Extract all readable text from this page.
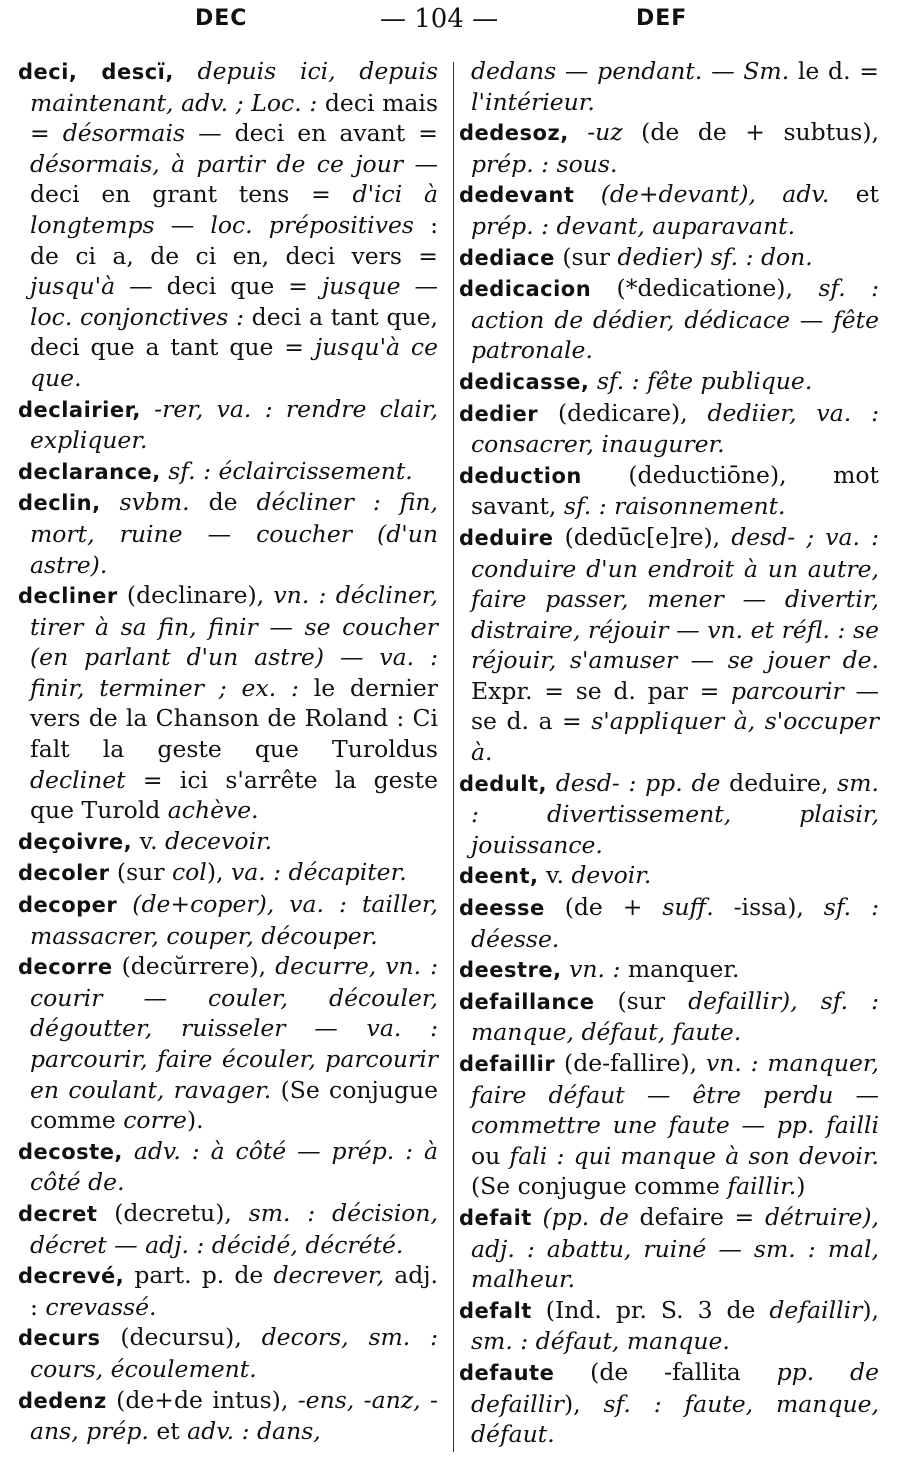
DEC	— 104 —	DEF

deci, descï, depuis ici, depuis maintenant, adv. ; Loc. : deci mais = désormais — deci en avant = désormais, à partir de ce jour — deci en grant tens = d'ici à longtemps — loc. prépositives : de ci a, de ci en, deci vers = jusqu'à — deci que = jusque — loc. conjonctives : deci a tant que, deci que a tant que = jusqu'à ce que.

declairier, -rer, va. : rendre clair, expliquer.

declarance, sf. : éclaircissement.

declin, svbm. de décliner : fin, mort, ruine — coucher (d'un astre).

decliner (declinare), vn. : décliner, tirer à sa fin, finir — se coucher (en parlant d'un astre) — va. : finir, terminer ; ex. : le dernier vers de la Chanson de Roland : Ci falt la geste que Turoldus declinet = ici s'arrête la geste que Turold achève.

deçoivre, v. decevoir.

decoler (sur col), va. : décapiter.

decoper (de+coper), va. : tailler, massacrer, couper, découper.

decorre (decŭrrere), decurre, vn. : courir — couler, découler, dégoutter, ruisseler — va. : parcourir, faire écouler, parcourir en coulant, ravager. (Se conjugue comme corre).

decoste, adv. : à côté — prép. : à côté de.

decret (decretu), sm. : décision, décret — adj. : décidé, décrété.

decrevé, part. p. de decrever, adj. : crevassé.

decurs (decursu), decors, sm. : cours, écoulement.

dedenz (de+de intus), -ens, -anz, -ans, prép. et adv. : dans,

dedans — pendant. — Sm. le d. = l'intérieur.

dedesoz, -uz (de de + subtus), prép. : sous.

dedevant (de+devant), adv. et prép. : devant, auparavant.

dediace (sur dedier) sf. : don.

dedicacion (*dedicatione), sf. : action de dédier, dédicace — fête patronale.

dedicasse, sf. : fête publique.

dedier (dedicare), dediier, va. : consacrer, inaugurer.

deduction (deductiōne), mot savant, sf. : raisonnement.

deduire (dedūc[e]re), desd- ; va. : conduire d'un endroit à un autre, faire passer, mener — divertir, distraire, réjouir — vn. et réfl. : se réjouir, s'amuser — se jouer de. Expr. = se d. par = parcourir — se d. a = s'appliquer à, s'occuper à.

dedult, desd- : pp. de deduire, sm. : divertissement, plaisir, jouissance.

deent, v. devoir.

deesse (de + suff. -issa), sf. : déesse.

deestre, vn. : manquer.

defaillance (sur defaillir), sf. : manque, défaut, faute.

defaillir (de-fallire), vn. : manquer, faire défaut — être perdu — commettre une faute — pp. failli ou fali : qui manque à son devoir. (Se conjugue comme faillir.)

defait (pp. de defaire = détruire), adj. : abattu, ruiné — sm. : mal, malheur.

defalt (Ind. pr. S. 3 de defaillir), sm. : défaut, manque.

defaute (de -fallita pp. de defaillir), sf. : faute, manque, défaut.
